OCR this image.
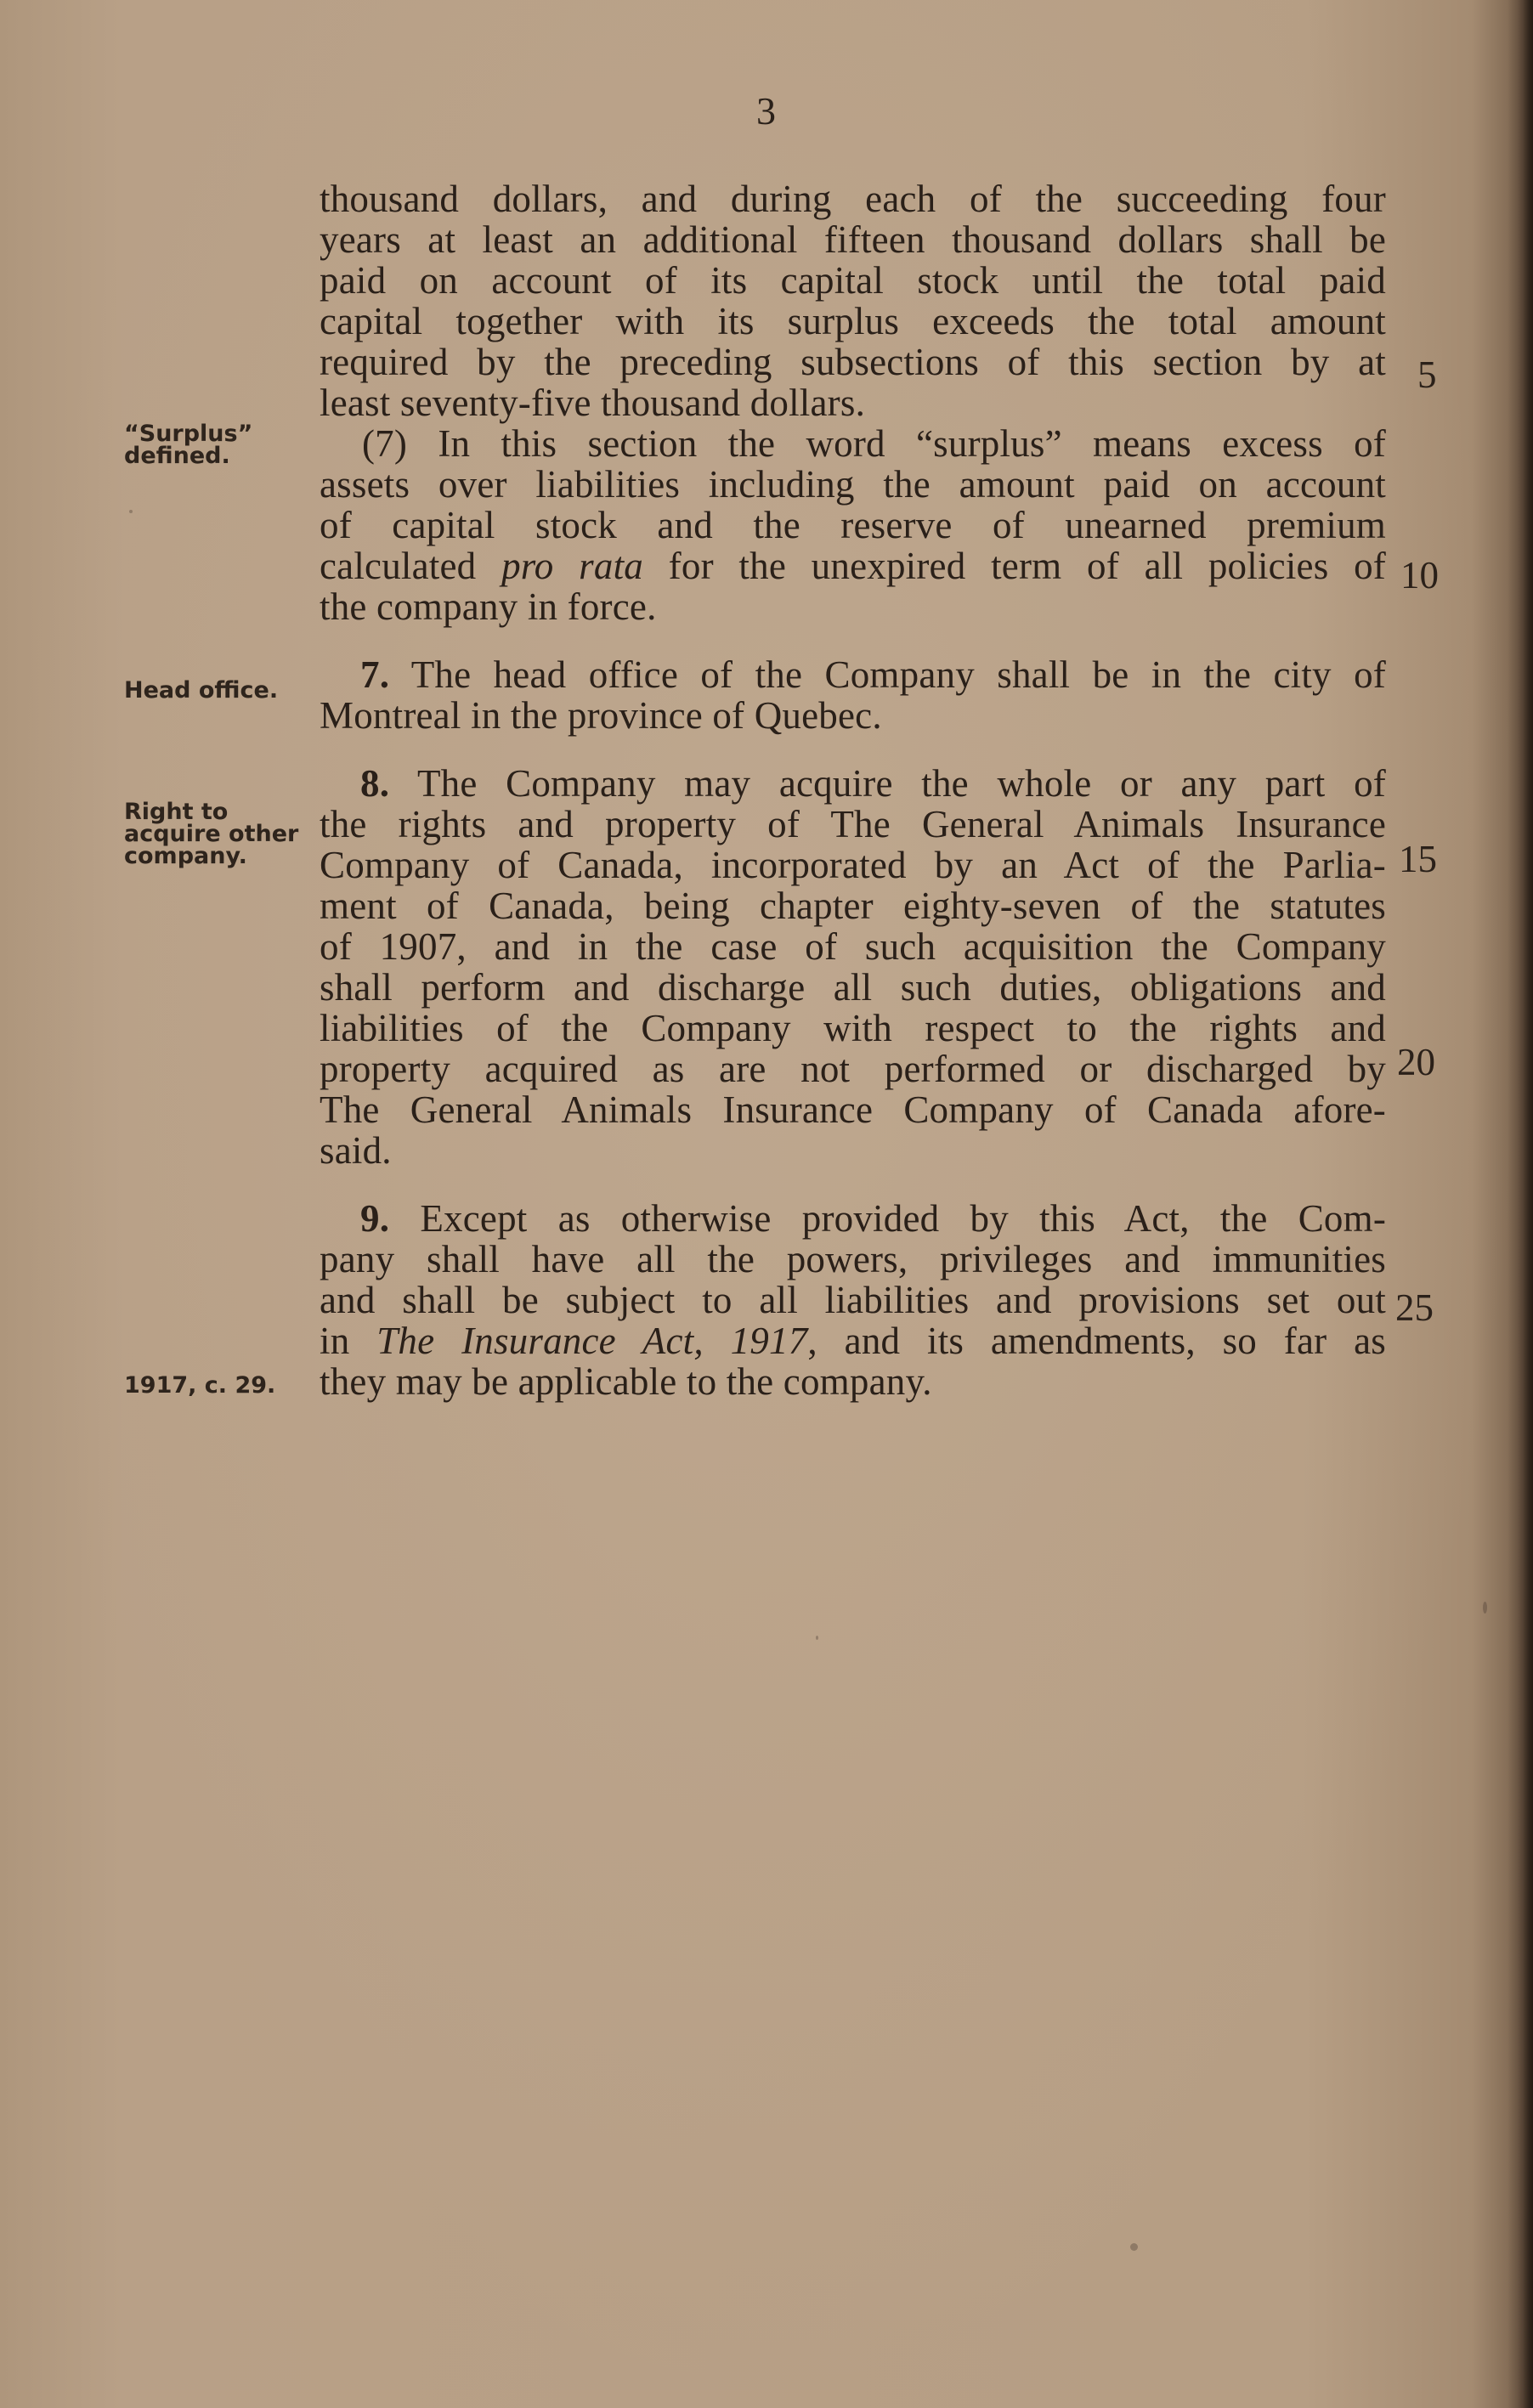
3
“Surplus” defined.
Head office.
Right to acquire other company.
1917, c. 29.
5
10
15
20
25
thousand dollars, and during each of the succeeding four
years at least an additional fifteen thousand dollars shall be
paid on account of its capital stock until the total paid
capital together with its surplus exceeds the total amount
required by the preceding subsections of this section by at
least seventy-five thousand dollars.
(7) In this section the word “surplus” means excess of
assets over liabilities including the amount paid on account
of capital stock and the reserve of unearned premium
calculated pro rata for the unexpired term of all policies of
the company in force.
7. The head office of the Company shall be in the city of
Montreal in the province of Quebec.
8. The Company may acquire the whole or any part of
the rights and property of The General Animals Insurance
Company of Canada, incorporated by an Act of the Parlia-
ment of Canada, being chapter eighty-seven of the statutes
of 1907, and in the case of such acquisition the Company
shall perform and discharge all such duties, obligations and
liabilities of the Company with respect to the rights and
property acquired as are not performed or discharged by
The General Animals Insurance Company of Canada afore-
said.
9. Except as otherwise provided by this Act, the Com-
pany shall have all the powers, privileges and immunities
and shall be subject to all liabilities and provisions set out
in The Insurance Act, 1917, and its amendments, so far as
they may be applicable to the company.
